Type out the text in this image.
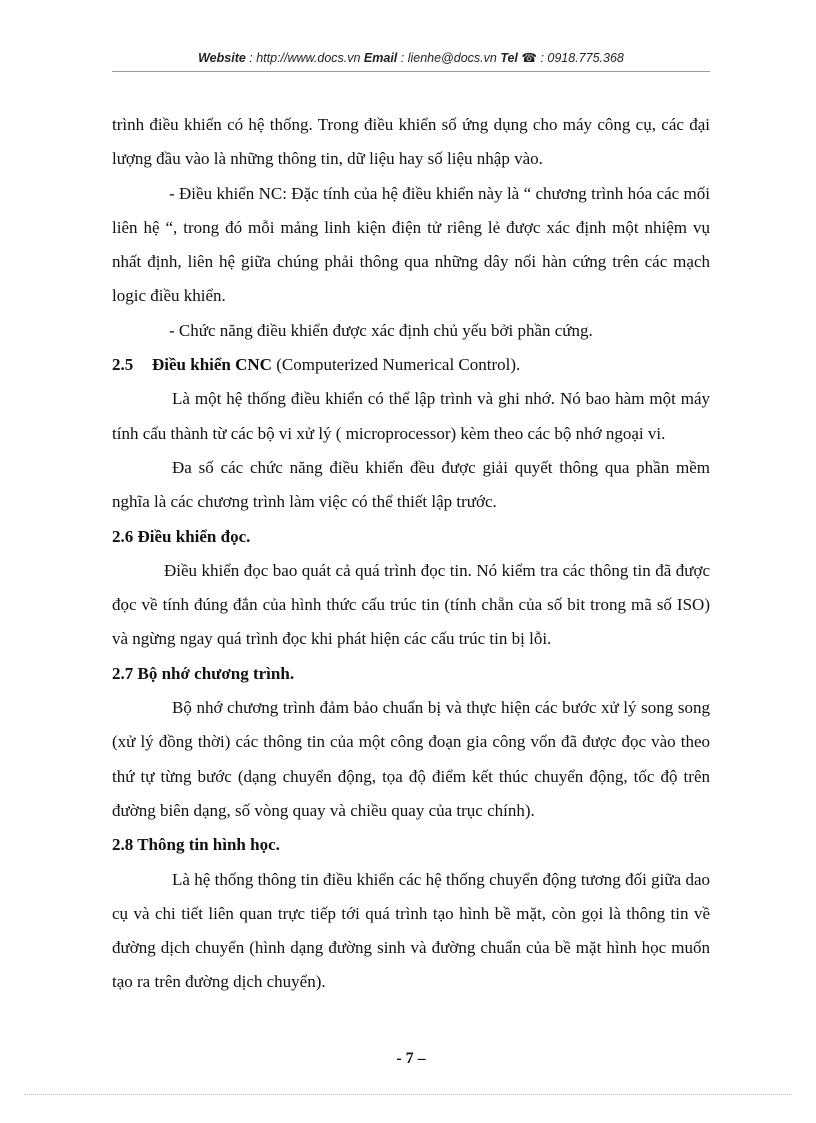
Website : http://www.docs.vn Email : lienhe@docs.vn Tel ☎ : 0918.775.368

trình điều khiển có hệ thống. Trong điều khiển số ứng dụng cho máy công cụ, các đại lượng đầu vào là những thông tin, dữ liệu hay số liệu nhập vào.

- Điều khiển NC: Đặc tính của hệ điều khiển này là “ chương trình hóa các mối liên hệ “, trong đó mỗi mảng linh kiện điện tử riêng lẻ được xác định một nhiệm vụ nhất định, liên hệ giữa chúng phải thông qua những dây nối hàn cứng trên các mạch logic điều khiển.

- Chức năng điều khiển được xác định chủ yếu bởi phần cứng.

2.5 Điều khiển CNC (Computerized Numerical Control).

Là một hệ thống điều khiển có thể lập trình và ghi nhớ. Nó bao hàm một máy tính cấu thành từ các bộ vi xử lý ( microprocessor) kèm theo các bộ nhớ ngoại vi.

Đa số các chức năng điều khiển đều được giải quyết thông qua phần mềm nghĩa là các chương trình làm việc có thể thiết lập trước.

2.6 Điều khiển đọc.

Điều khiển đọc bao quát cả quá trình đọc tin. Nó kiểm tra các thông tin đã được đọc về tính đúng đắn của hình thức cấu trúc tin (tính chẵn của số bit trong mã số ISO) và ngừng ngay quá trình đọc khi phát hiện các cấu trúc tin bị lỗi.

2.7 Bộ nhớ chương trình.

Bộ nhớ chương trình đảm bảo chuẩn bị và thực hiện các bước xử lý song song (xử lý đồng thời) các thông tin của một công đoạn gia công vốn đã được đọc vào theo thứ tự từng bước (dạng chuyển động, tọa độ điểm kết thúc chuyển động, tốc độ trên đường biên dạng, số vòng quay và chiều quay của trục chính).

2.8 Thông tin hình học.

Là hệ thống thông tin điều khiển các hệ thống chuyển động tương đối giữa dao cụ và chi tiết liên quan trực tiếp tới quá trình tạo hình bề mặt, còn gọi là thông tin về đường dịch chuyển (hình dạng đường sinh và đường chuẩn của bề mặt hình học muốn tạo ra trên đường dịch chuyển).

- 7 –
